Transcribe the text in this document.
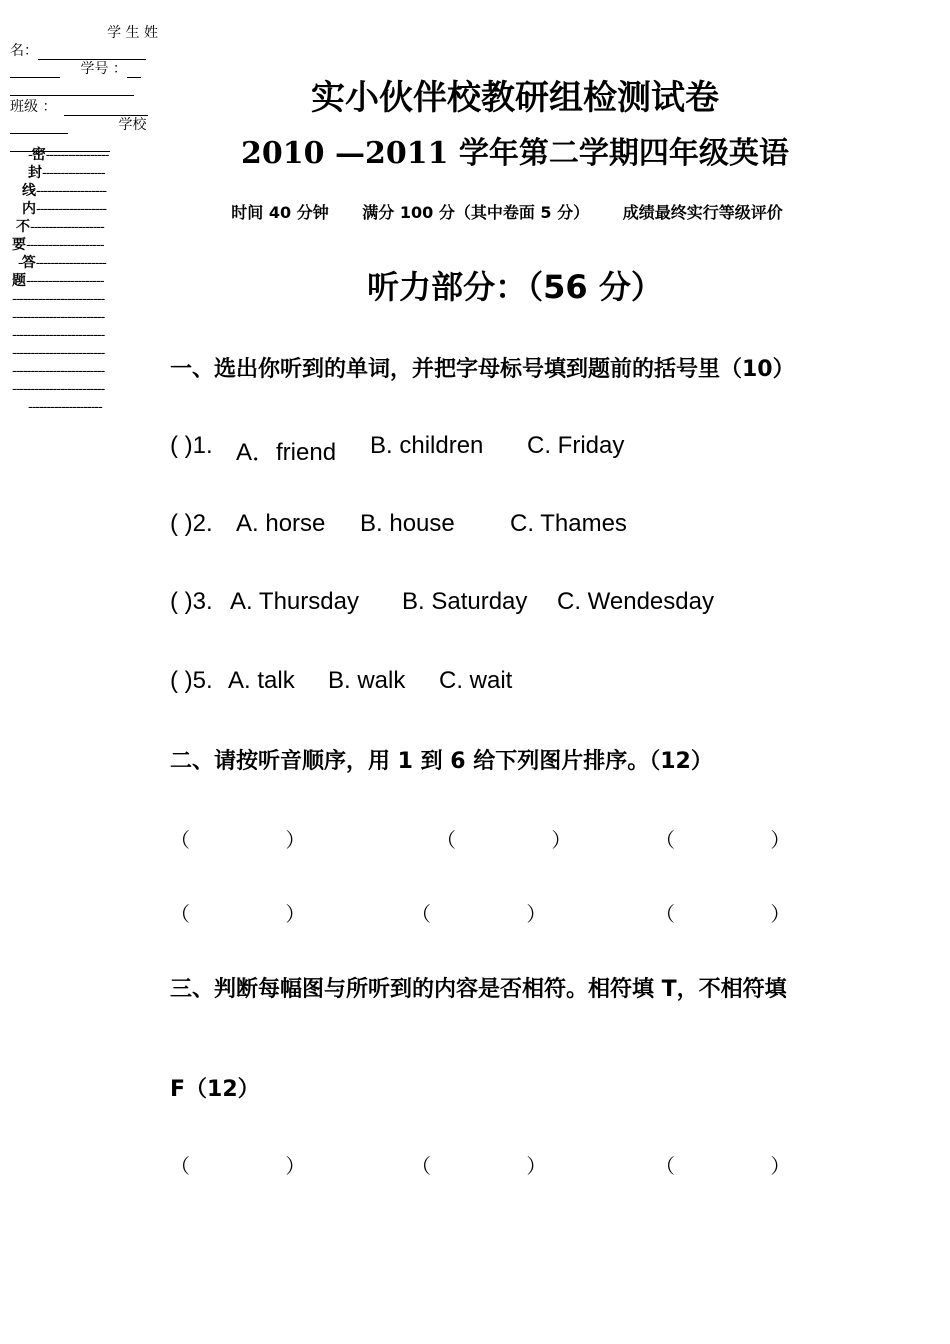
学 生 姓
名：
学号 ：
班级 ：
学校
-密-----------------
封-----------------
线-------------------
内-------------------
不--------------------
要---------------------
-答-------------------
题---------------------
-------------------------
-------------------------
-------------------------
-------------------------
-------------------------
-------------------------
--------------------
实小伙伴校教研组检测试卷
2010 —2011 学年第二学期四年级英语
时间 40 分钟 满分 100 分（其中卷面 5 分） 成绩最终实行等级评价
听力部分：（56 分）
一、选出你听到的单词，并把字母标号填到题前的括号里（10）
( )1. A．friend B. children C. Friday
( )2. A. horse B. house C. Thames
( )3. A. Thursday B. Saturday C. Wendesday
( )5. A. talk B. walk C. wait
二、请按听音顺序，用 1 到 6 给下列图片排序。（12）
（               ）	（               ）	（               ）
（               ）	（               ）	（               ）
三、判断每幅图与所听到的内容是否相符。相符填 T，不相符填
F（12）
（               ）	（               ）	（               ）
